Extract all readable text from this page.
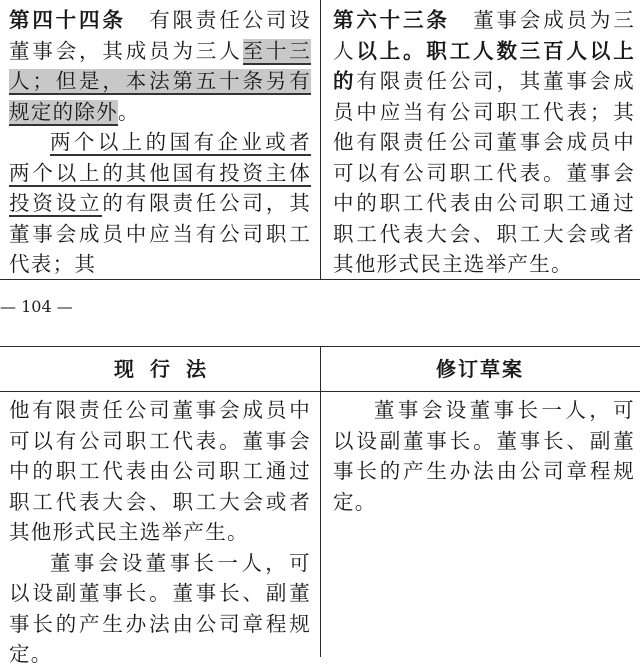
第四十四条 有限责任公司设董事会，其成员为三人至十三人；但是，本法第五十条另有规定的除外。

两个以上的国有企业或者两个以上的其他国有投资主体投资设立的有限责任公司，其董事会成员中应当有公司职工代表；其

第六十三条 董事会成员为三人以上。职工人数三百人以上的有限责任公司，其董事会成员中应当有公司职工代表；其他有限责任公司董事会成员中可以有公司职工代表。董事会中的职工代表由公司职工通过职工代表大会、职工大会或者其他形式民主选举产生。

— 104 —
现行法	修订草案

他有限责任公司董事会成员中可以有公司职工代表。董事会中的职工代表由公司职工通过职工代表大会、职工大会或者其他形式民主选举产生。

董事会设董事长一人，可以设副董事长。董事长、副董事长的产生办法由公司章程规定。

董事会设董事长一人，可以设副董事长。董事长、副董事长的产生办法由公司章程规定。
